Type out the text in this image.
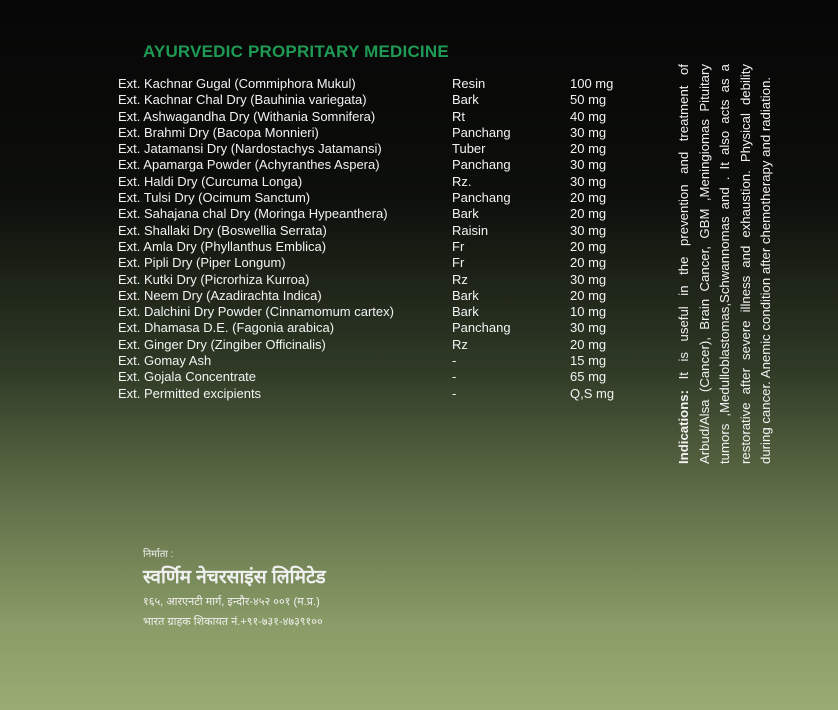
AYURVEDIC PROPRITARY MEDICINE
Ext. Kachnar Gugal (Commiphora Mukul)	Resin	100 mg
Ext. Kachnar Chal Dry (Bauhinia variegata)	Bark	50 mg
Ext. Ashwagandha Dry (Withania Somnifera)	Rt	40 mg
Ext. Brahmi Dry (Bacopa Monnieri)	Panchang	30 mg
Ext. Jatamansi Dry (Nardostachys Jatamansi)	Tuber	20 mg
Ext. Apamarga Powder (Achyranthes Aspera)	Panchang	30 mg
Ext. Haldi Dry (Curcuma Longa)	Rz.	30 mg
Ext. Tulsi Dry (Ocimum Sanctum)	Panchang	20 mg
Ext. Sahajana chal Dry (Moringa Hypeanthera)	Bark	20 mg
Ext. Shallaki Dry (Boswellia Serrata)	Raisin	30 mg
Ext. Amla Dry (Phyllanthus Emblica)	Fr	20 mg
Ext. Pipli Dry (Piper Longum)	Fr	20 mg
Ext. Kutki Dry (Picrorhiza Kurroa)	Rz	30 mg
Ext. Neem Dry (Azadirachta Indica)	Bark	20 mg
Ext. Dalchini Dry Powder (Cinnamomum cartex)	Bark	10 mg
Ext. Dhamasa D.E. (Fagonia arabica)	Panchang	30 mg
Ext. Ginger Dry (Zingiber Officinalis)	Rz	20 mg
Ext. Gomay Ash	-	15 mg
Ext. Gojala Concentrate	-	65 mg
Ext. Permitted excipients	-	Q,S mg	Indications: It is useful in the prevention and treatment of Arbud/Alsa (Cancer), Brain Cancer, GBM ,Meningiomas Pituitary tumors ,Medulloblastomas,Schwannomas and . It also acts as a restorative after severe illness and exhaustion. Physical debility during cancer. Anemic condition after chemotherapy and radiation.
निर्माता :
स्वर्णिम नेचरसाइंस लिमिटेड
१६५, आरएनटी मार्ग, इन्दौर-४५२ ००१ (म.प्र.)
भारत ग्राहक शिकायत नं.+९१-७३१-४७३९१००
